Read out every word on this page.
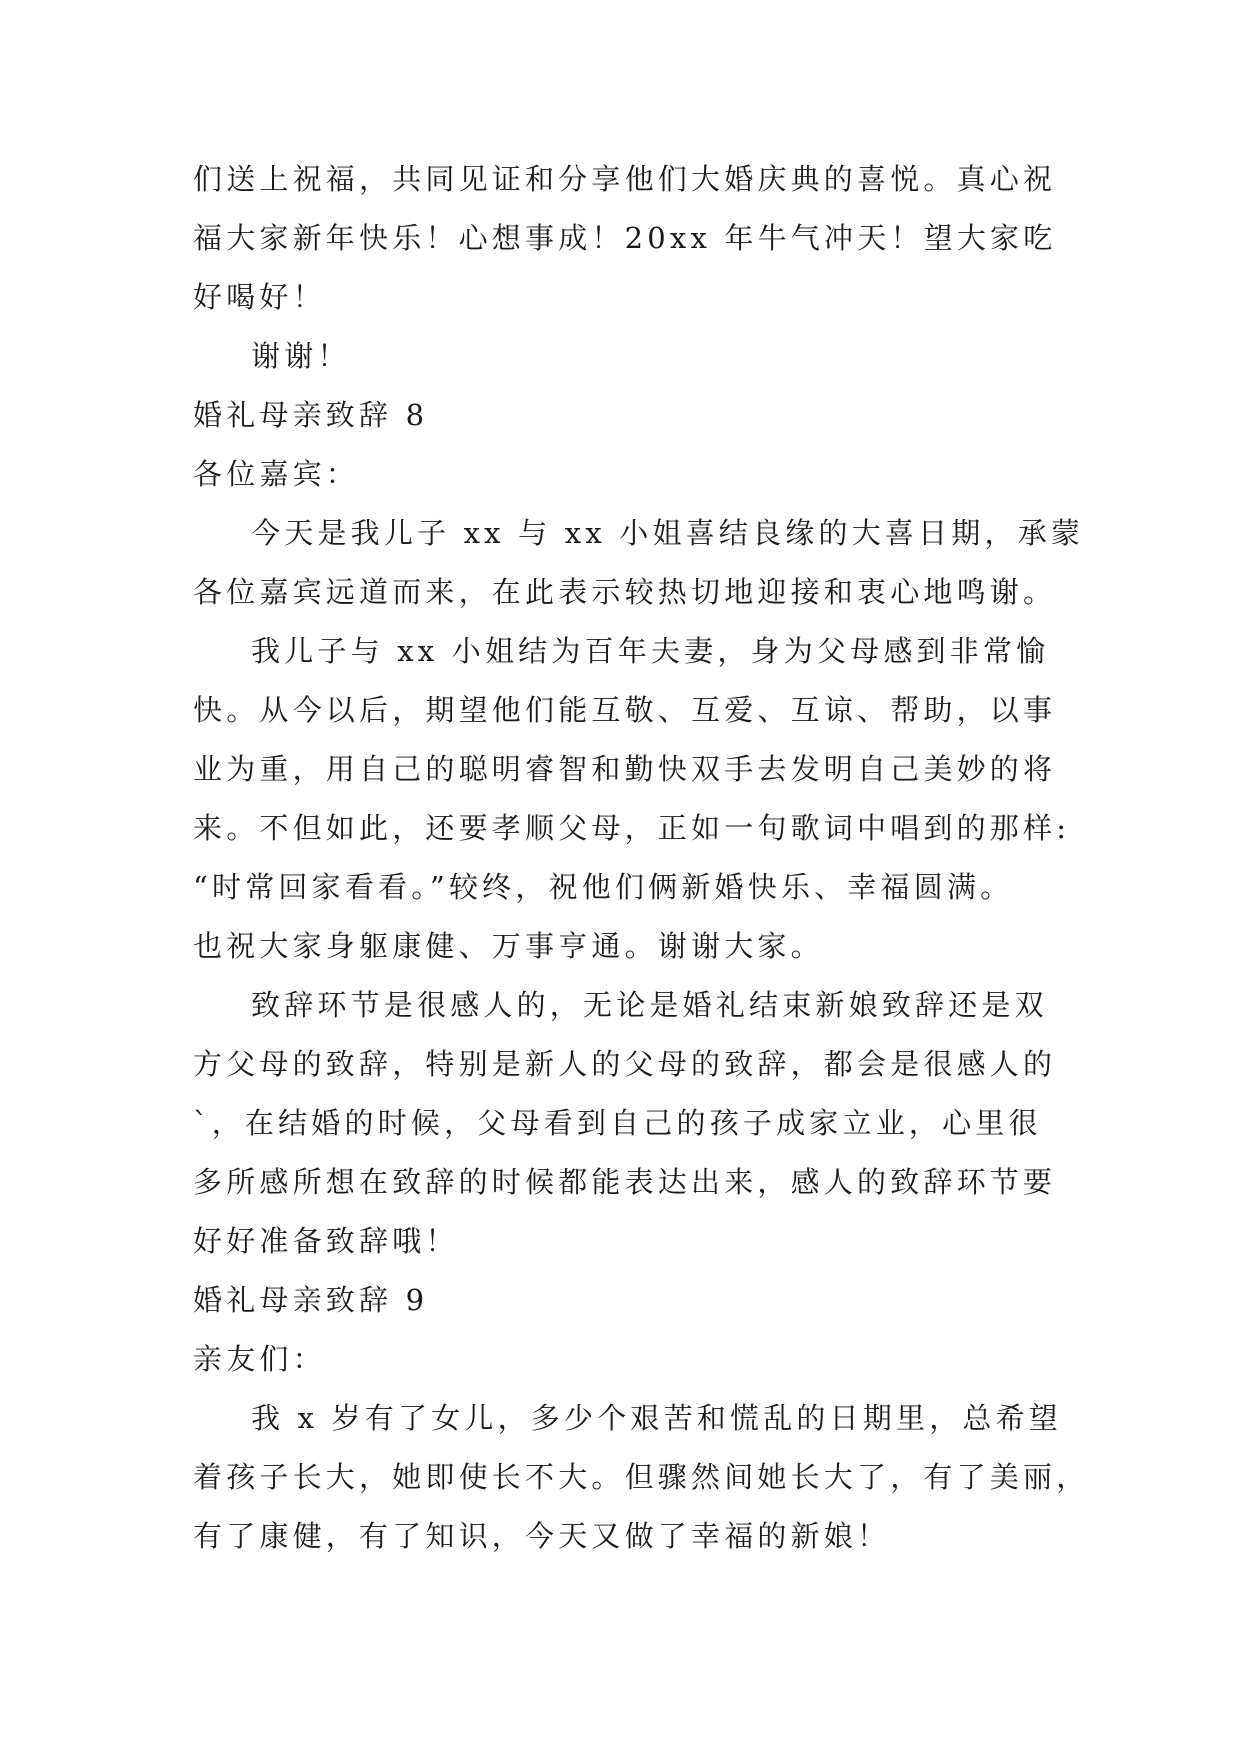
们送上祝福，共同见证和分享他们大婚庆典的喜悦。真心祝
福大家新年快乐！心想事成！20xx 年牛气冲天！望大家吃
好喝好！
谢谢！
婚礼母亲致辞 8
各位嘉宾：
今天是我儿子 xx 与 xx 小姐喜结良缘的大喜日期，承蒙
各位嘉宾远道而来，在此表示较热切地迎接和衷心地鸣谢。
我儿子与 xx 小姐结为百年夫妻，身为父母感到非常愉
快。从今以后，期望他们能互敬、互爱、互谅、帮助，以事
业为重，用自己的聪明睿智和勤快双手去发明自己美妙的将
来。不但如此，还要孝顺父母，正如一句歌词中唱到的那样:
“时常回家看看。”较终，祝他们俩新婚快乐、幸福圆满。
也祝大家身躯康健、万事亨通。谢谢大家。
致辞环节是很感人的，无论是婚礼结束新娘致辞还是双
方父母的致辞，特别是新人的父母的致辞，都会是很感人的
`，在结婚的时候，父母看到自己的孩子成家立业，心里很
多所感所想在致辞的时候都能表达出来，感人的致辞环节要
好好准备致辞哦！
婚礼母亲致辞 9
亲友们：
我 x 岁有了女儿，多少个艰苦和慌乱的日期里，总希望
着孩子长大，她即使长不大。但骤然间她长大了，有了美丽，
有了康健，有了知识，今天又做了幸福的新娘！
